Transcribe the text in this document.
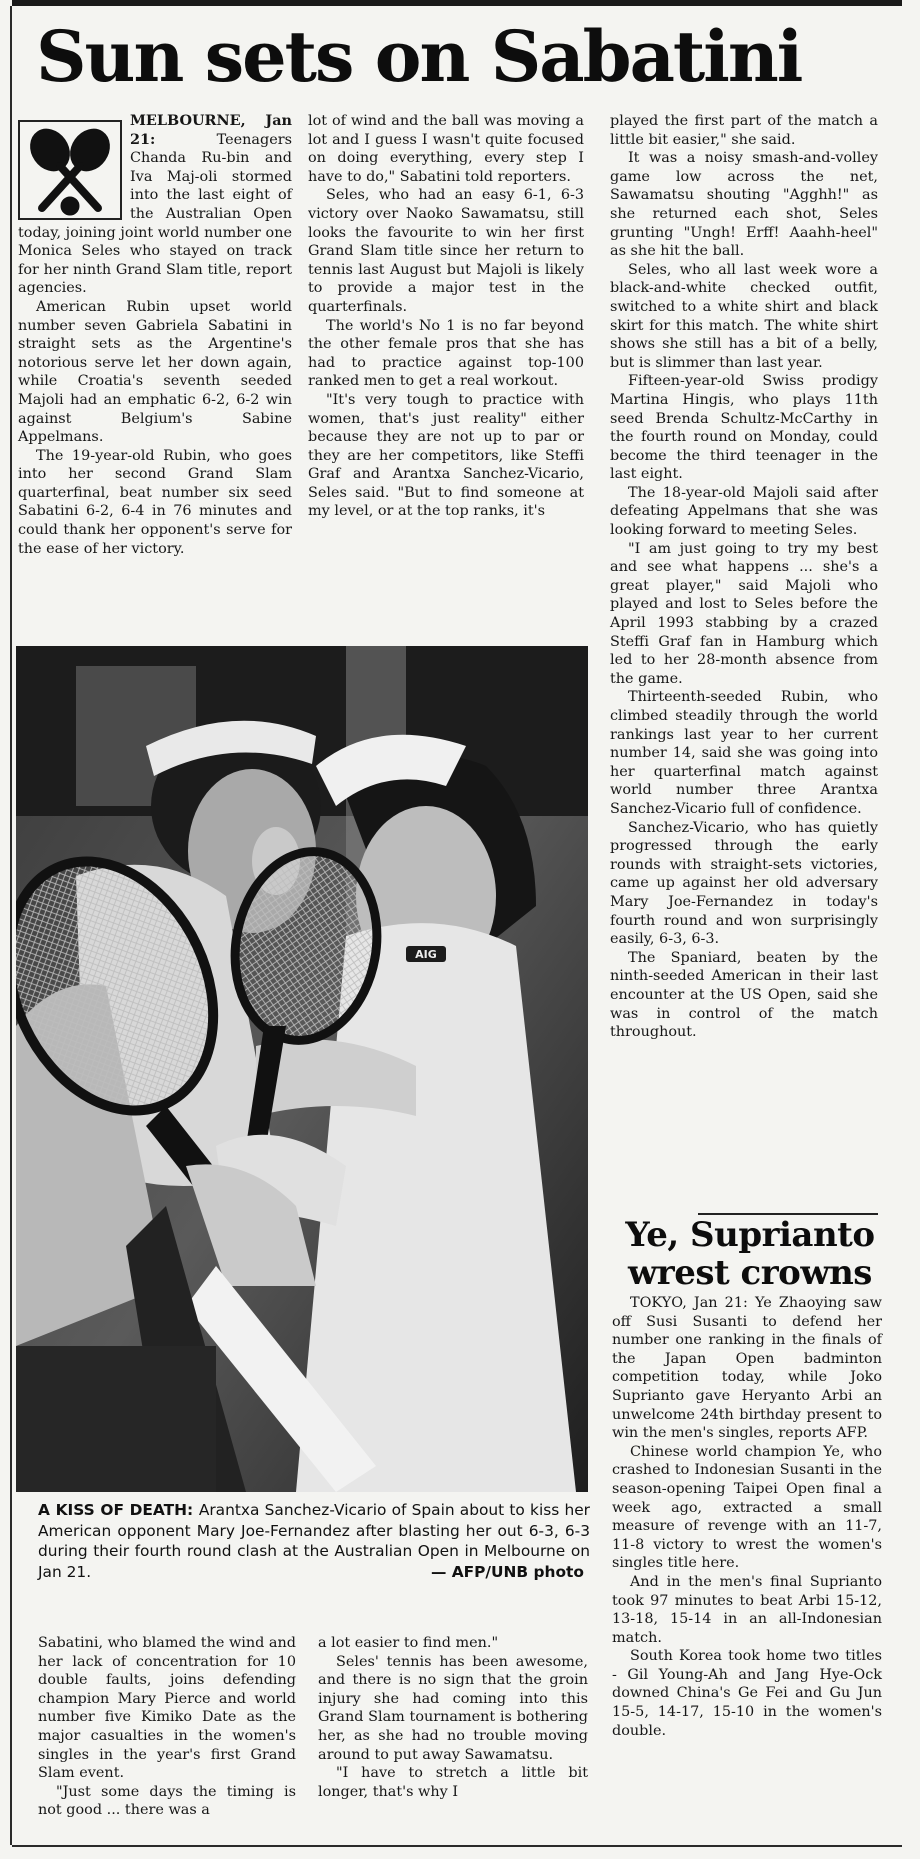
Sun sets on Sabatini

MELBOURNE, Jan 21:	Teenagers Chanda Ru-bin and Iva Maj-oli stormed into the last eight of the Australian Open today, joining joint world number one Monica Seles who stayed on track for her ninth Grand Slam title, report agencies.

American Rubin upset world number seven Gabriela Sabatini in straight sets as the Argentine's notorious serve let her down again, while Croatia's seventh seeded Majoli had an emphatic 6-2, 6-2 win against Belgium's Sabine Appelmans.

The 19-year-old Rubin, who goes into her second Grand Slam quarterfinal, beat number six seed Sabatini 6-2, 6-4 in 76 minutes and could thank her opponent's serve for the ease of her victory.

lot of wind and the ball was moving a lot and I guess I wasn't quite focused on doing everything, every step I have to do," Sabatini told reporters.

Seles, who had an easy 6-1, 6-3 victory over Naoko Sawamatsu, still looks the favourite to win her first Grand Slam title since her return to tennis last August but Majoli is likely to provide a major test in the quarterfinals.

The world's No 1 is no far beyond the other female pros that she has had to practice against top-100 ranked men to get a real workout.

"It's very tough to practice with women, that's just reality" either because they are not up to par or they are her competitors, like Steffi Graf and Arantxa Sanchez-Vicario, Seles said. "But to find someone at my level, or at the top ranks, it's

played the first part of the match a little bit easier," she said.

It was a noisy smash-and-volley game low across the net, Sawamatsu shouting "Agghh!" as she returned each shot, Seles grunting "Ungh! Erff! Aaahh-heel" as she hit the ball.

Seles, who all last week wore a black-and-white checked outfit, switched to a white shirt and black skirt for this match. The white shirt shows she still has a bit of a belly, but is slimmer than last year.

Fifteen-year-old Swiss prodigy Martina Hingis, who plays 11th seed Brenda Schultz-McCarthy in the fourth round on Monday, could become the third teenager in the last eight.

The 18-year-old Majoli said after defeating Appelmans that she was looking forward to meeting Seles.

"I am just going to try my best and see what happens ... she's a great player," said Majoli who played and lost to Seles before the April 1993 stabbing by a crazed Steffi Graf fan in Hamburg which led to her 28-month absence from the game.

Thirteenth-seeded Rubin, who climbed steadily through the world rankings last year to her current number 14, said she was going into her quarterfinal match against world number three Arantxa Sanchez-Vicario full of confidence.

Sanchez-Vicario, who has quietly progressed through the early rounds with straight-sets victories, came up against her old adversary Mary Joe-Fernandez in today's fourth round and won surprisingly easily, 6-3, 6-3.

The Spaniard, beaten by the ninth-seeded American in their last encounter at the US Open, said she was in control of the match throughout.

AIG
A KISS OF DEATH: Arantxa Sanchez-Vicario of Spain about to kiss her American opponent Mary Joe-Fernandez after blasting her out 6-3, 6-3 during their fourth round clash at the Australian Open in Melbourne on Jan 21.	— AFP/UNB photo

Sabatini, who blamed the wind and her lack of concentration for 10 double faults, joins defending champion Mary Pierce and world number five Kimiko Date as the major casualties in the women's singles in the year's first Grand Slam event.

"Just some days the timing is not good ... there was a

a lot easier to find men."

Seles' tennis has been awesome, and there is no sign that the groin injury she had coming into this Grand Slam tournament is bothering her, as she had no trouble moving around to put away Sawamatsu.

"I have to stretch a little bit longer, that's why I

Ye, Suprianto wrest crowns

TOKYO, Jan 21: Ye Zhaoying saw off Susi Susanti to defend her number one ranking in the finals of the Japan Open badminton competition today, while Joko Suprianto gave Heryanto Arbi an unwelcome 24th birthday present to win the men's singles, reports AFP.

Chinese world champion Ye, who crashed to Indonesian Susanti in the season-opening Taipei Open final a week ago, extracted a small measure of revenge with an 11-7, 11-8 victory to wrest the women's singles title here.

And in the men's final Suprianto took 97 minutes to beat Arbi 15-12, 13-18, 15-14 in an all-Indonesian match.

South Korea took home two titles - Gil Young-Ah and Jang Hye-Ock downed China's Ge Fei and Gu Jun 15-5, 14-17, 15-10 in the women's double.
